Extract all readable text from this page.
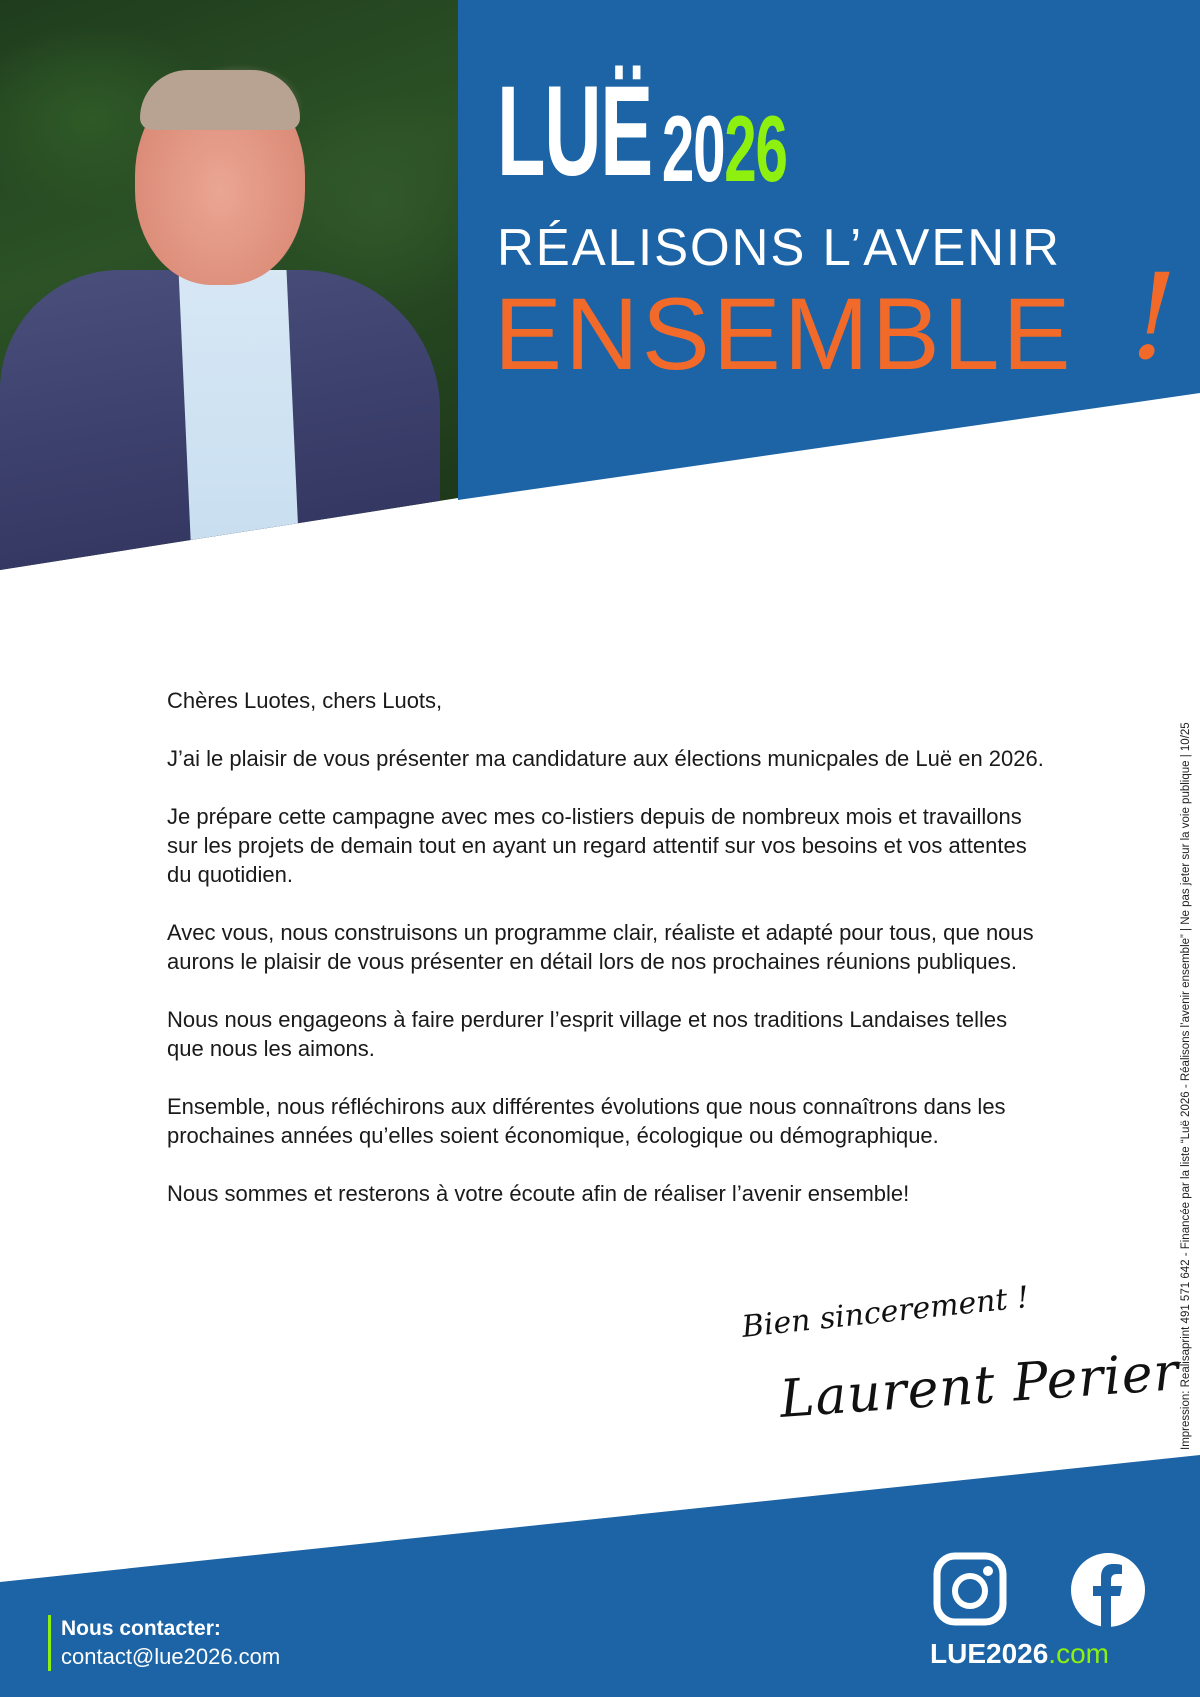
LUË 2026
RÉALISONS L’AVENIR
ENSEMBLE !

Chères Luotes, chers Luots,

J’ai le plaisir de vous présenter ma candidature aux élections municpales de Luë en 2026.

Je prépare cette campagne avec mes co-listiers depuis de nombreux mois et travaillons sur les projets de demain tout en ayant un regard attentif sur vos besoins et vos attentes du quotidien.

Avec vous, nous construisons un programme clair, réaliste et adapté pour tous, que nous aurons le plaisir de vous présenter en détail lors de nos prochaines réunions publiques.

Nous nous engageons à faire perdurer l’esprit village et nos traditions Landaises telles que nous les aimons.

Ensemble, nous réfléchirons aux différentes évolutions que nous connaîtrons dans les prochaines années qu’elles soient économique, écologique ou démographique.

Nous sommes et resterons à votre écoute afin de réaliser l’avenir ensemble!

Bien sincerement !
Laurent Perier
Impression: Realisaprint 491 571 642 - Financée par la liste “Luë 2026 - Réalisons l’avenir ensemble” | Ne pas jeter sur la voie publique | 10/25
Nous contacter:
contact@lue2026.com	LUE2026.com
